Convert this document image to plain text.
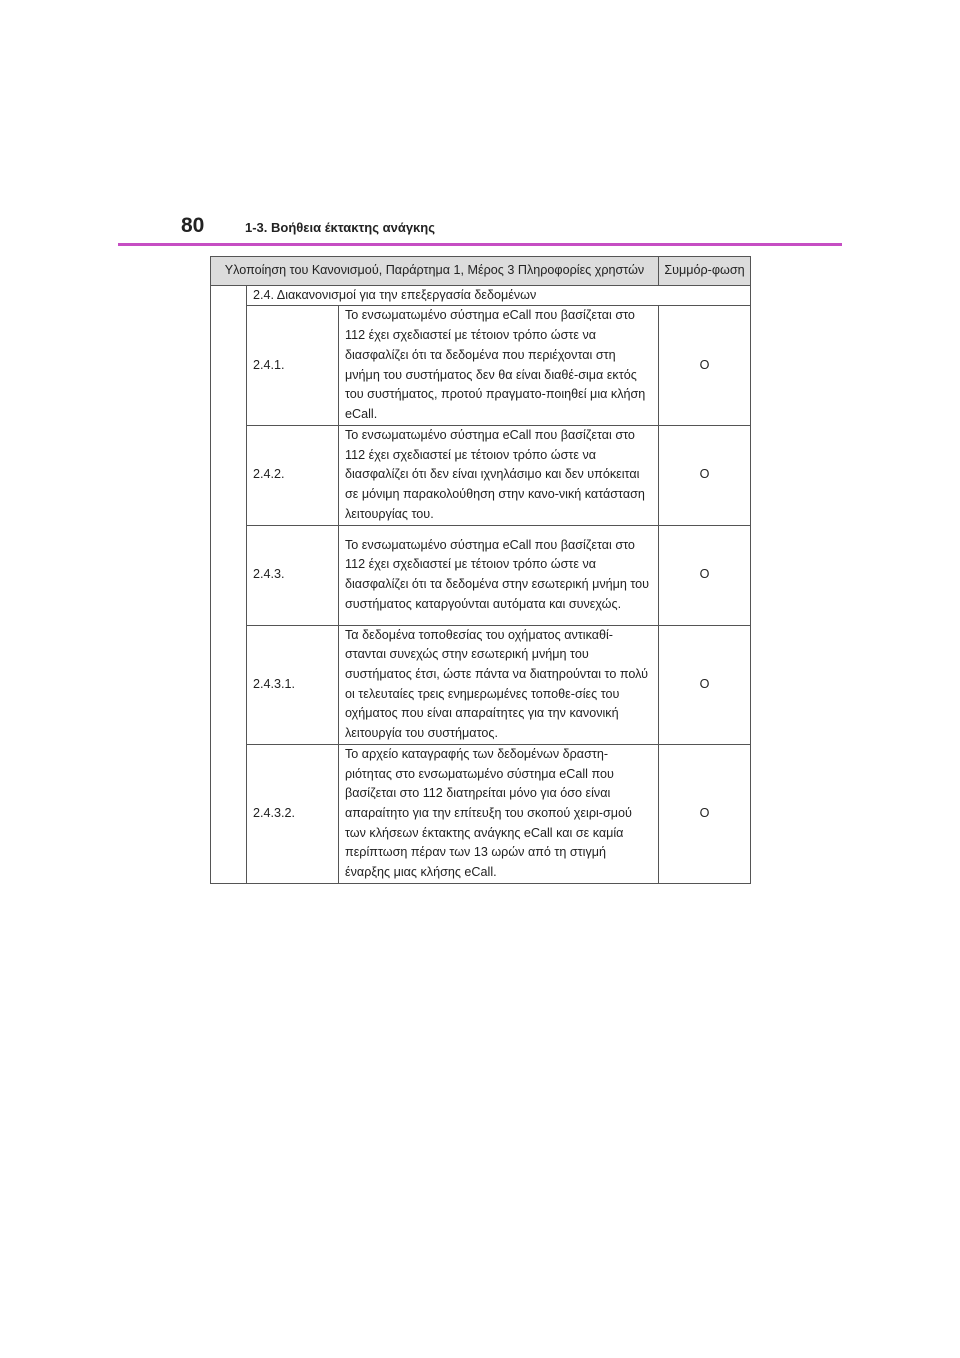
80	1-3. Βοήθεια έκτακτης ανάγκης
Υλοποίηση του Κανονισμού, Παράρτημα 1, Μέρος 3 Πληροφορίες χρηστών			Συμμόρ-φωση
	2.4. Διακανονισμοί για την επεξεργασία δεδομένων		
	2.4.1.	Το ενσωματωμένο σύστημα eCall που βασίζεται στο 112 έχει σχεδιαστεί με τέτοιον τρόπο ώστε να διασφαλίζει ότι τα δεδομένα που περιέχονται στη μνήμη του συστήματος δεν θα είναι διαθέ-σιμα εκτός του συστήματος, προτού πραγματο-ποιηθεί μια κλήση eCall.	O
	2.4.2.	Το ενσωματωμένο σύστημα eCall που βασίζεται στο 112 έχει σχεδιαστεί με τέτοιον τρόπο ώστε να διασφαλίζει ότι δεν είναι ιχνηλάσιμο και δεν υπόκειται σε μόνιμη παρακολούθηση στην κανο-νική κατάσταση λειτουργίας του.	O
	2.4.3.	Το ενσωματωμένο σύστημα eCall που βασίζεται στο 112 έχει σχεδιαστεί με τέτοιον τρόπο ώστε να διασφαλίζει ότι τα δεδομένα στην εσωτερική μνήμη του συστήματος καταργούνται αυτόματα και συνεχώς.	O
	2.4.3.1.	Τα δεδομένα τοποθεσίας του οχήματος αντικαθί-στανται συνεχώς στην εσωτερική μνήμη του συστήματος έτσι, ώστε πάντα να διατηρούνται το πολύ οι τελευταίες τρεις ενημερωμένες τοποθε-σίες του οχήματος που είναι απαραίτητες για την κανονική λειτουργία του συστήματος.	O
	2.4.3.2.	Το αρχείο καταγραφής των δεδομένων δραστη-ριότητας στο ενσωματωμένο σύστημα eCall που βασίζεται στο 112 διατηρείται μόνο για όσο είναι απαραίτητο για την επίτευξη του σκοπού χειρι-σμού των κλήσεων έκτακτης ανάγκης eCall και σε καμία περίπτωση πέραν των 13 ωρών από τη στιγμή έναρξης μιας κλήσης eCall.	O
